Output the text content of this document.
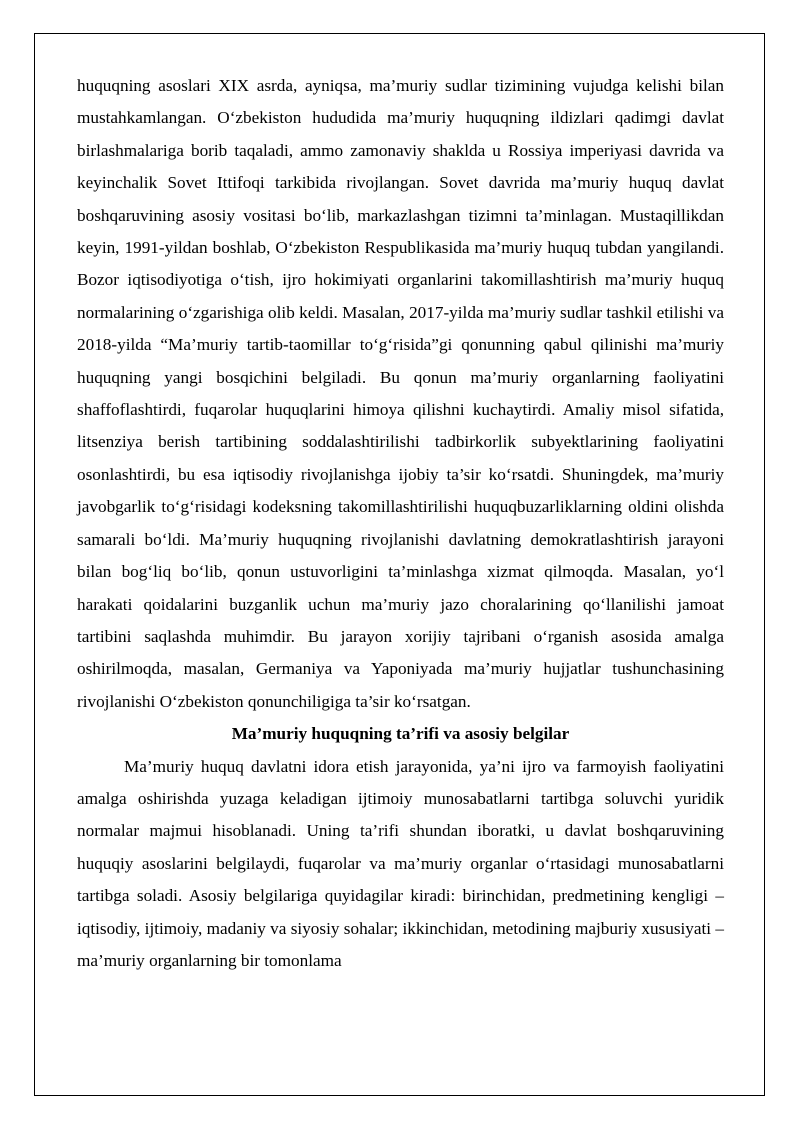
huquqning asoslari XIX asrda, ayniqsa, ma’muriy sudlar tizimining vujudga kelishi bilan mustahkamlangan. O‘zbekiston hududida ma’muriy huquqning ildizlari qadimgi davlat birlashmalariga borib taqaladi, ammo zamonaviy shaklda u Rossiya imperiyasi davrida va keyinchalik Sovet Ittifoqi tarkibida rivojlangan. Sovet davrida ma’muriy huquq davlat boshqaruvining asosiy vositasi bo‘lib, markazlashgan tizimni ta’minlagan. Mustaqillikdan keyin, 1991-yildan boshlab, O‘zbekiston Respublikasida ma’muriy huquq tubdan yangilandi. Bozor iqtisodiyotiga o‘tish, ijro hokimiyati organlarini takomillashtirish ma’muriy huquq normalarining o‘zgarishiga olib keldi. Masalan, 2017-yilda ma’muriy sudlar tashkil etilishi va 2018-yilda “Ma’muriy tartib-taomillar to‘g‘risida”gi qonunning qabul qilinishi ma’muriy huquqning yangi bosqichini belgiladi. Bu qonun ma’muriy organlarning faoliyatini shaffoflashtirdi, fuqarolar huquqlarini himoya qilishni kuchaytirdi. Amaliy misol sifatida, litsenziya berish tartibining soddalashtirilishi tadbirkorlik subyektlarining faoliyatini osonlashtirdi, bu esa iqtisodiy rivojlanishga ijobiy ta’sir ko‘rsatdi. Shuningdek, ma’muriy javobgarlik to‘g‘risidagi kodeksning takomillashtirilishi huquqbuzarliklarning oldini olishda samarali bo‘ldi. Ma’muriy huquqning rivojlanishi davlatning demokratlashtirish jarayoni bilan bog‘liq bo‘lib, qonun ustuvorligini ta’minlashga xizmat qilmoqda. Masalan, yo‘l harakati qoidalarini buzganlik uchun ma’muriy jazo choralarining qo‘llanilishi jamoat tartibini saqlashda muhimdir. Bu jarayon xorijiy tajribani o‘rganish asosida amalga oshirilmoqda, masalan, Germaniya va Yaponiyada ma’muriy hujjatlar tushunchasining rivojlanishi O‘zbekiston qonunchiligiga ta’sir ko‘rsatgan.

Ma’muriy huquqning ta’rifi va asosiy belgilar

Ma’muriy huquq davlatni idora etish jarayonida, ya’ni ijro va farmoyish faoliyatini amalga oshirishda yuzaga keladigan ijtimoiy munosabatlarni tartibga soluvchi yuridik normalar majmui hisoblanadi. Uning ta’rifi shundan iboratki, u davlat boshqaruvining huquqiy asoslarini belgilaydi, fuqarolar va ma’muriy organlar o‘rtasidagi munosabatlarni tartibga soladi. Asosiy belgilariga quyidagilar kiradi: birinchidan, predmetining kengligi – iqtisodiy, ijtimoiy, madaniy va siyosiy sohalar; ikkinchidan, metodining majburiy xususiyati – ma’muriy organlarning bir tomonlama
